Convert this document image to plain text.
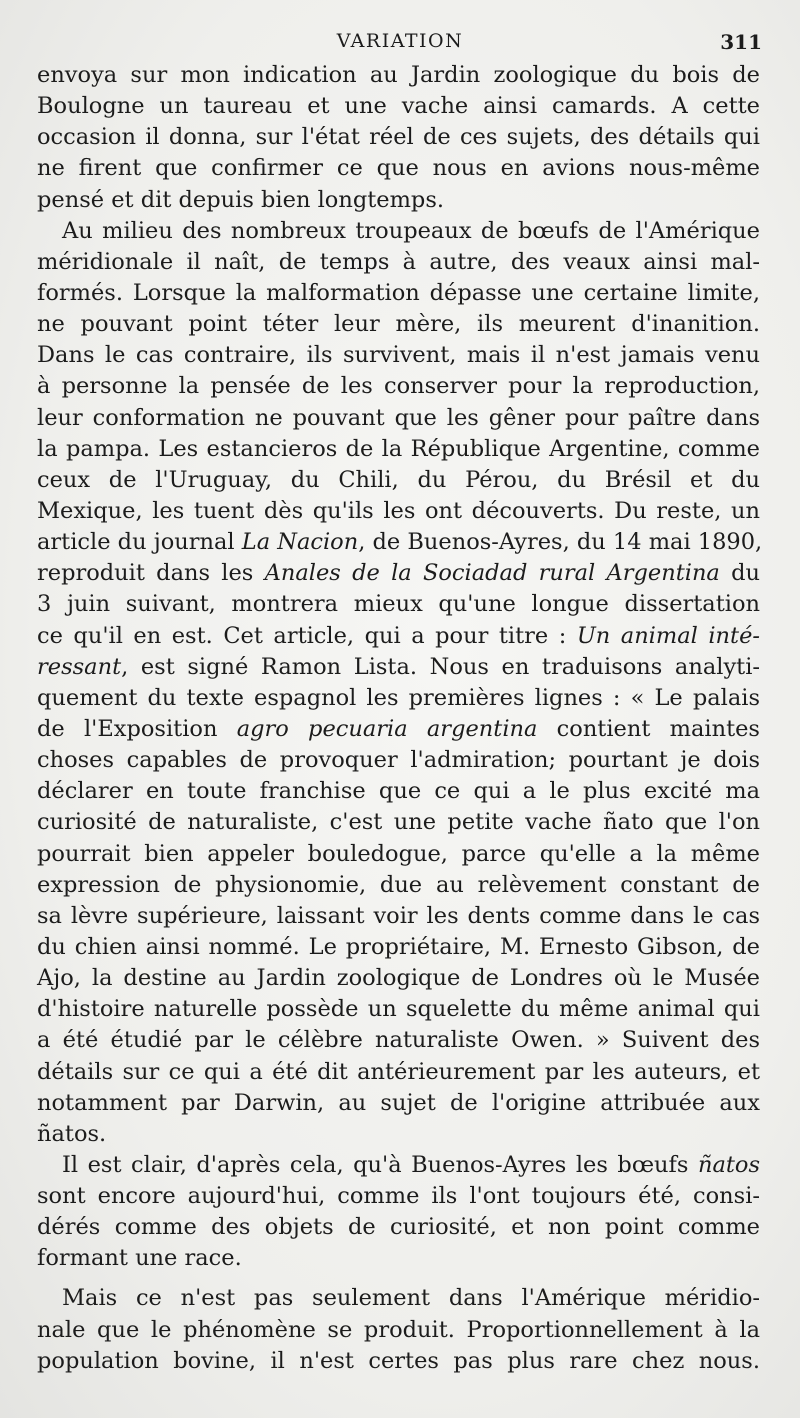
VARIATION	311
envoya sur mon indication au Jardin zoologique du bois de
Boulogne un taureau et une vache ainsi camards. A cette
occasion il donna, sur l'état réel de ces sujets, des détails qui
ne firent que confirmer ce que nous en avions nous-même
pensé et dit depuis bien longtemps.
Au milieu des nombreux troupeaux de bœufs de l'Amérique
méridionale il naît, de temps à autre, des veaux ainsi mal-
formés. Lorsque la malformation dépasse une certaine limite,
ne pouvant point téter leur mère, ils meurent d'inanition.
Dans le cas contraire, ils survivent, mais il n'est jamais venu
à personne la pensée de les conserver pour la reproduction,
leur conformation ne pouvant que les gêner pour paître dans
la pampa. Les estancieros de la République Argentine, comme
ceux de l'Uruguay, du Chili, du Pérou, du Brésil et du
Mexique, les tuent dès qu'ils les ont découverts. Du reste, un
article du journal La Nacion, de Buenos-Ayres, du 14 mai 1890,
reproduit dans les Anales de la Sociadad rural Argentina du
3 juin suivant, montrera mieux qu'une longue dissertation
ce qu'il en est. Cet article, qui a pour titre : Un animal inté-
ressant, est signé Ramon Lista. Nous en traduisons analyti-
quement du texte espagnol les premières lignes : « Le palais
de l'Exposition agro pecuaria argentina contient maintes
choses capables de provoquer l'admiration; pourtant je dois
déclarer en toute franchise que ce qui a le plus excité ma
curiosité de naturaliste, c'est une petite vache ñato que l'on
pourrait bien appeler bouledogue, parce qu'elle a la même
expression de physionomie, due au relèvement constant de
sa lèvre supérieure, laissant voir les dents comme dans le cas
du chien ainsi nommé. Le propriétaire, M. Ernesto Gibson, de
Ajo, la destine au Jardin zoologique de Londres où le Musée
d'histoire naturelle possède un squelette du même animal qui
a été étudié par le célèbre naturaliste Owen. » Suivent des
détails sur ce qui a été dit antérieurement par les auteurs, et
notamment par Darwin, au sujet de l'origine attribuée aux
ñatos.
Il est clair, d'après cela, qu'à Buenos-Ayres les bœufs ñatos
sont encore aujourd'hui, comme ils l'ont toujours été, consi-
dérés comme des objets de curiosité, et non point comme
formant une race.
Mais ce n'est pas seulement dans l'Amérique méridio-
nale que le phénomène se produit. Proportionnellement à la
population bovine, il n'est certes pas plus rare chez nous.
